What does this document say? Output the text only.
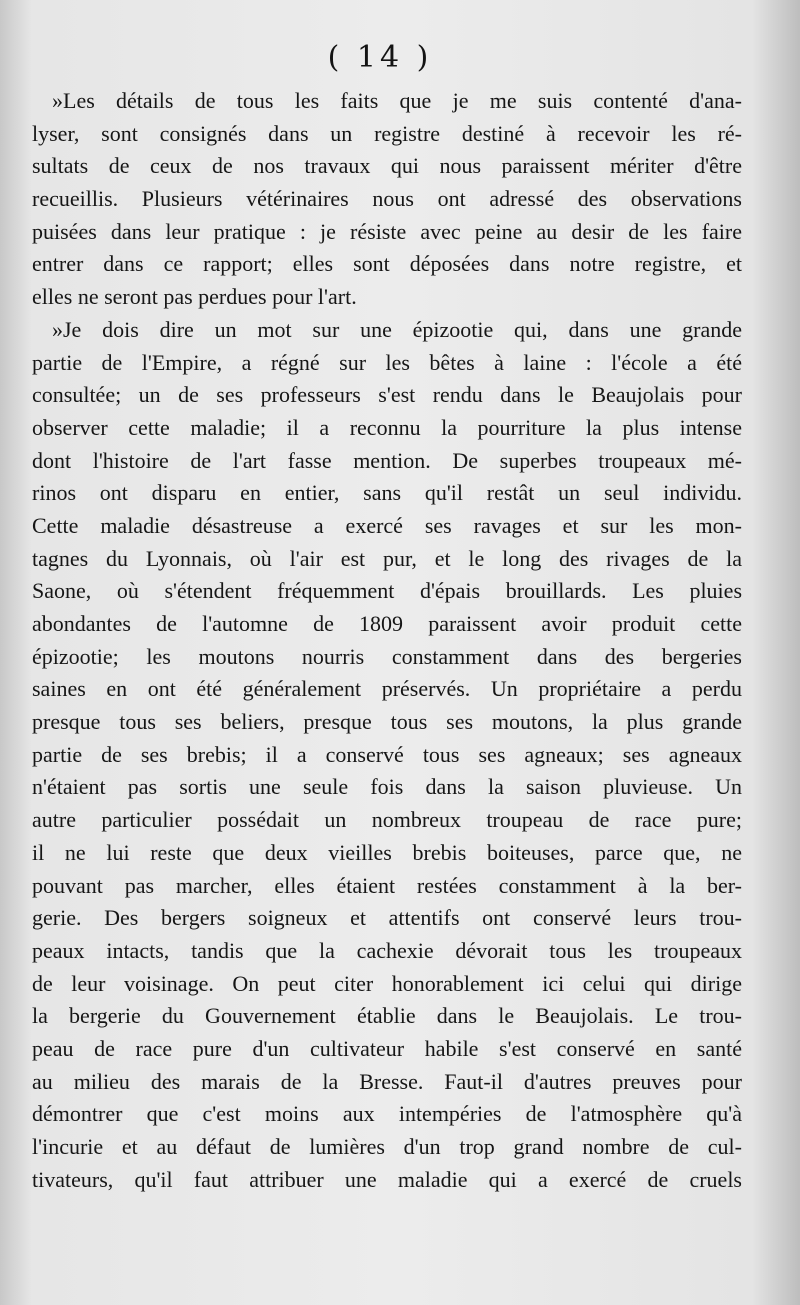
( 14 )
»Les détails de tous les faits que je me suis contenté d'ana-
lyser, sont consignés dans un registre destiné à recevoir les ré-
sultats de ceux de nos travaux qui nous paraissent mériter d'être
recueillis. Plusieurs vétérinaires nous ont adressé des observations
puisées dans leur pratique : je résiste avec peine au desir de les faire
entrer dans ce rapport; elles sont déposées dans notre registre, et
elles ne seront pas perdues pour l'art.
»Je dois dire un mot sur une épizootie qui, dans une grande
partie de l'Empire, a régné sur les bêtes à laine : l'école a été
consultée; un de ses professeurs s'est rendu dans le Beaujolais pour
observer cette maladie; il a reconnu la pourriture la plus intense
dont l'histoire de l'art fasse mention. De superbes troupeaux mé-
rinos ont disparu en entier, sans qu'il restât un seul individu.
Cette maladie désastreuse a exercé ses ravages et sur les mon-
tagnes du Lyonnais, où l'air est pur, et le long des rivages de la
Saone, où s'étendent fréquemment d'épais brouillards. Les pluies
abondantes de l'automne de 1809 paraissent avoir produit cette
épizootie; les moutons nourris constamment dans des bergeries
saines en ont été généralement préservés. Un propriétaire a perdu
presque tous ses beliers, presque tous ses moutons, la plus grande
partie de ses brebis; il a conservé tous ses agneaux; ses agneaux
n'étaient pas sortis une seule fois dans la saison pluvieuse. Un
autre particulier possédait un nombreux troupeau de race pure;
il ne lui reste que deux vieilles brebis boiteuses, parce que, ne
pouvant pas marcher, elles étaient restées constamment à la ber-
gerie. Des bergers soigneux et attentifs ont conservé leurs trou-
peaux intacts, tandis que la cachexie dévorait tous les troupeaux
de leur voisinage. On peut citer honorablement ici celui qui dirige
la bergerie du Gouvernement établie dans le Beaujolais. Le trou-
peau de race pure d'un cultivateur habile s'est conservé en santé
au milieu des marais de la Bresse. Faut-il d'autres preuves pour
démontrer que c'est moins aux intempéries de l'atmosphère qu'à
l'incurie et au défaut de lumières d'un trop grand nombre de cul-
tivateurs, qu'il faut attribuer une maladie qui a exercé de cruels
